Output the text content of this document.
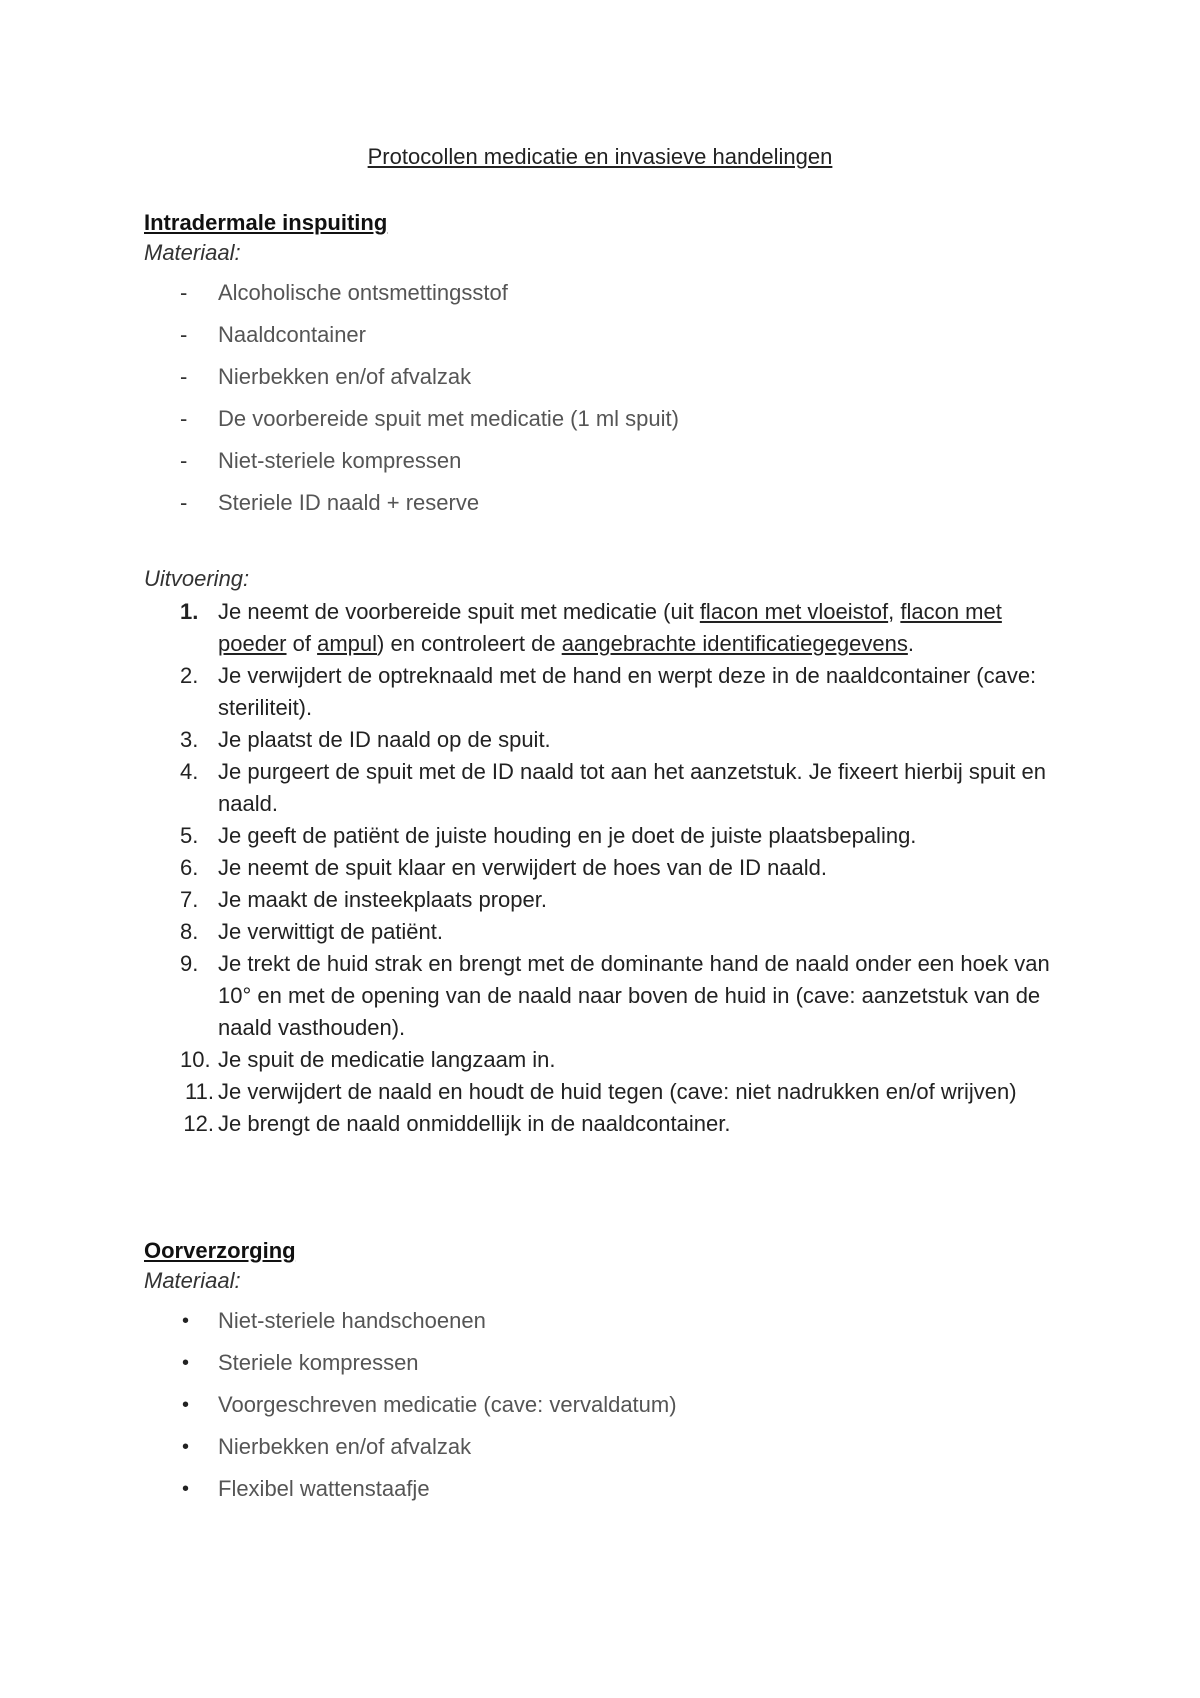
Protocollen medicatie en invasieve handelingen
Intradermale inspuiting

Materiaal:

- Alcoholische ontsmettingsstof
- Naaldcontainer
- Nierbekken en/of afvalzak
- De voorbereide spuit met medicatie (1 ml spuit)
- Niet-steriele kompressen
- Steriele ID naald + reserve

Uitvoering:

1. Je neemt de voorbereide spuit met medicatie (uit flacon met vloeistof, flacon met poeder of ampul) en controleert de aangebrachte identificatiegegevens.
2. Je verwijdert de optreknaald met de hand en werpt deze in de naaldcontainer (cave: steriliteit).
3. Je plaatst de ID naald op de spuit.
4. Je purgeert de spuit met de ID naald tot aan het aanzetstuk. Je fixeert hierbij spuit en naald.
5. Je geeft de patiënt de juiste houding en je doet de juiste plaatsbepaling.
6. Je neemt de spuit klaar en verwijdert de hoes van de ID naald.
7. Je maakt de insteekplaats proper.
8. Je verwittigt de patiënt.
9. Je trekt de huid strak en brengt met de dominante hand de naald onder een hoek van 10° en met de opening van de naald naar boven de huid in (cave: aanzetstuk van de naald vasthouden).
10. Je spuit de medicatie langzaam in.
11. Je verwijdert de naald en houdt de huid tegen (cave: niet nadrukken en/of wrijven)
12. Je brengt de naald onmiddellijk in de naaldcontainer.
Oorverzorging

Materiaal:

• Niet-steriele handschoenen
• Steriele kompressen
• Voorgeschreven medicatie (cave: vervaldatum)
• Nierbekken en/of afvalzak
• Flexibel wattenstaafje
